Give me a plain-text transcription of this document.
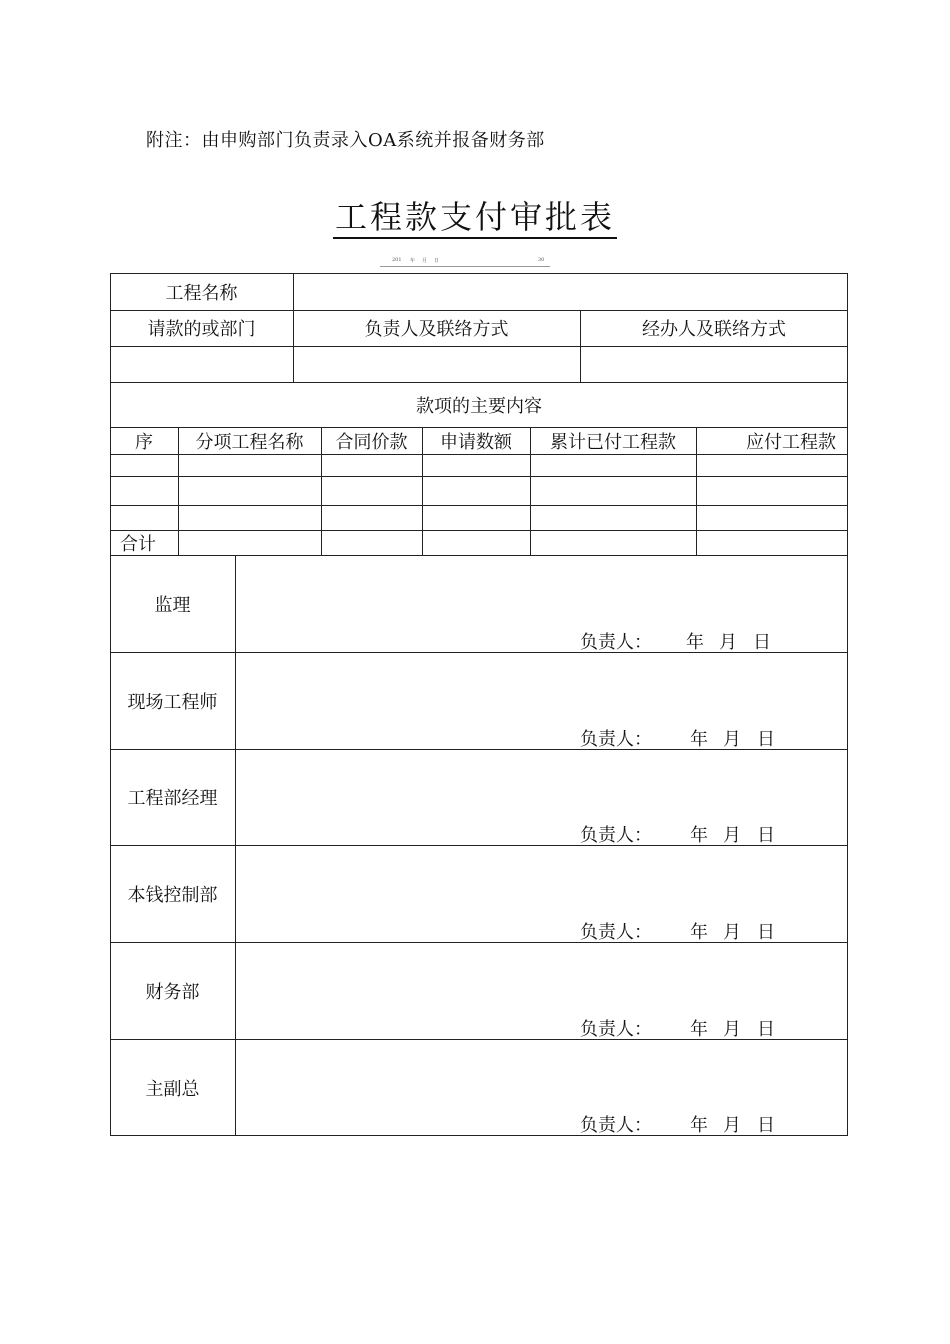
附注：由申购部门负责录入OA系统并报备财务部
工程款支付审批表
201 年 月 日	30
工程名称
请款的或部门	负责人及联络方式	经办人及联络方式
款项的主要内容
序	分项工程名称	合同价款	申请数额	累计已付工程款	应付工程款
合计
监理
负责人： 年 月 日
现场工程师
负责人： 年 月 日
工程部经理
负责人： 年 月 日
本钱控制部
负责人： 年 月 日
财务部
负责人： 年 月 日
主副总
负责人： 年 月 日
